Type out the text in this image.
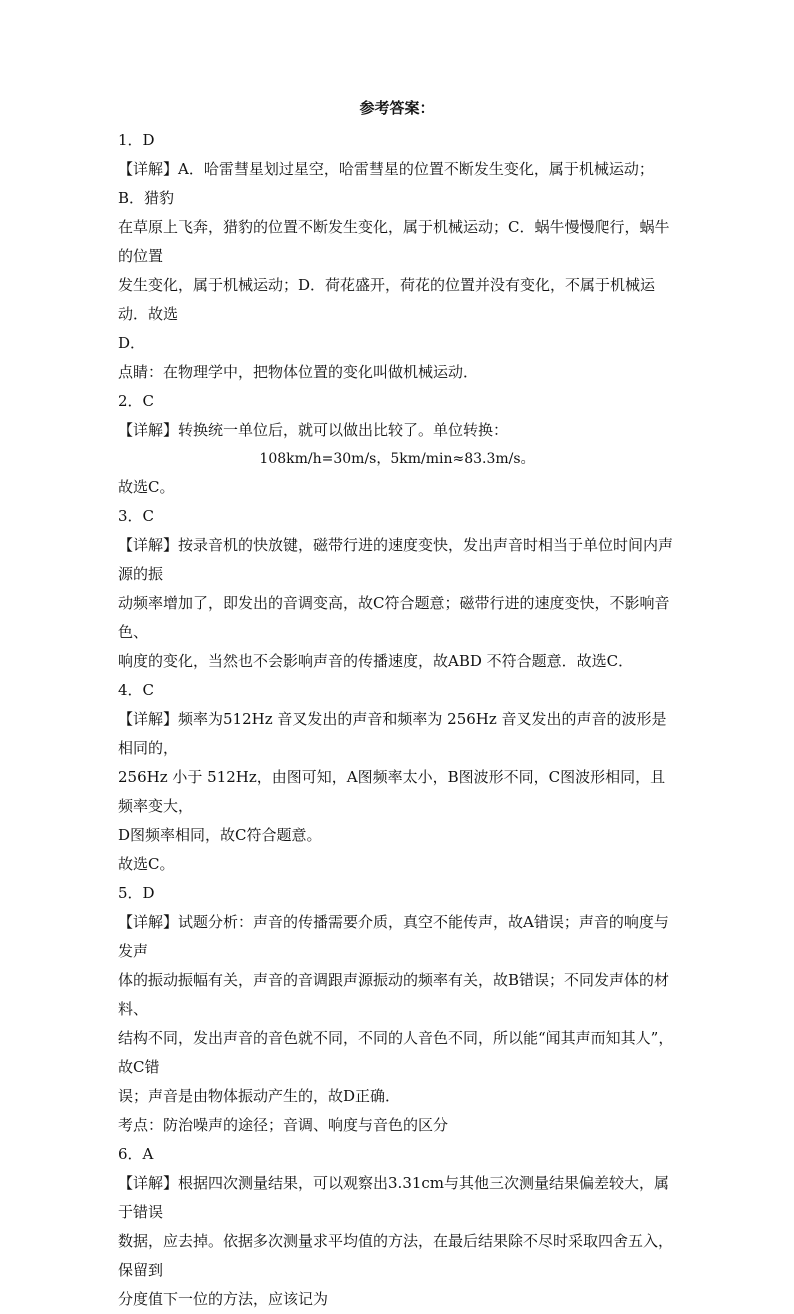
参考答案：
1．D
【详解】A．哈雷彗星划过星空，哈雷彗星的位置不断发生变化，属于机械运动；B．猎豹
在草原上飞奔，猎豹的位置不断发生变化，属于机械运动；C．蜗牛慢慢爬行，蜗牛的位置
发生变化，属于机械运动；D．荷花盛开，荷花的位置并没有变化，不属于机械运动．故选
D．
点睛：在物理学中，把物体位置的变化叫做机械运动．
2．C
【详解】转换统一单位后，就可以做出比较了。单位转换：
108km/h=30m/s，5km/min≈83.3m/s。
故选C。
3．C
【详解】按录音机的快放键，磁带行进的速度变快，发出声音时相当于单位时间内声源的振
动频率增加了，即发出的音调变高，故C符合题意；磁带行进的速度变快，不影响音色、
响度的变化，当然也不会影响声音的传播速度，故ABD 不符合题意．故选C．
4．C
【详解】频率为512Hz 音叉发出的声音和频率为 256Hz 音叉发出的声音的波形是相同的，
256Hz 小于 512Hz，由图可知，A图频率太小，B图波形不同，C图波形相同，且频率变大，
D图频率相同，故C符合题意。
故选C。
5．D
【详解】试题分析：声音的传播需要介质，真空不能传声，故A错误；声音的响度与发声
体的振动振幅有关，声音的音调跟声源振动的频率有关，故B错误；不同发声体的材料、
结构不同，发出声音的音色就不同，不同的人音色不同，所以能“闻其声而知其人”，故C错
误；声音是由物体振动产生的，故D正确．
考点：防治噪声的途径；音调、响度与音色的区分
6．A
【详解】根据四次测量结果，可以观察出3.31cm与其他三次测量结果偏差较大，属于错误
数据，应去掉。依据多次测量求平均值的方法，在最后结果除不尽时采取四舍五入，保留到
分度值下一位的方法，应该记为
